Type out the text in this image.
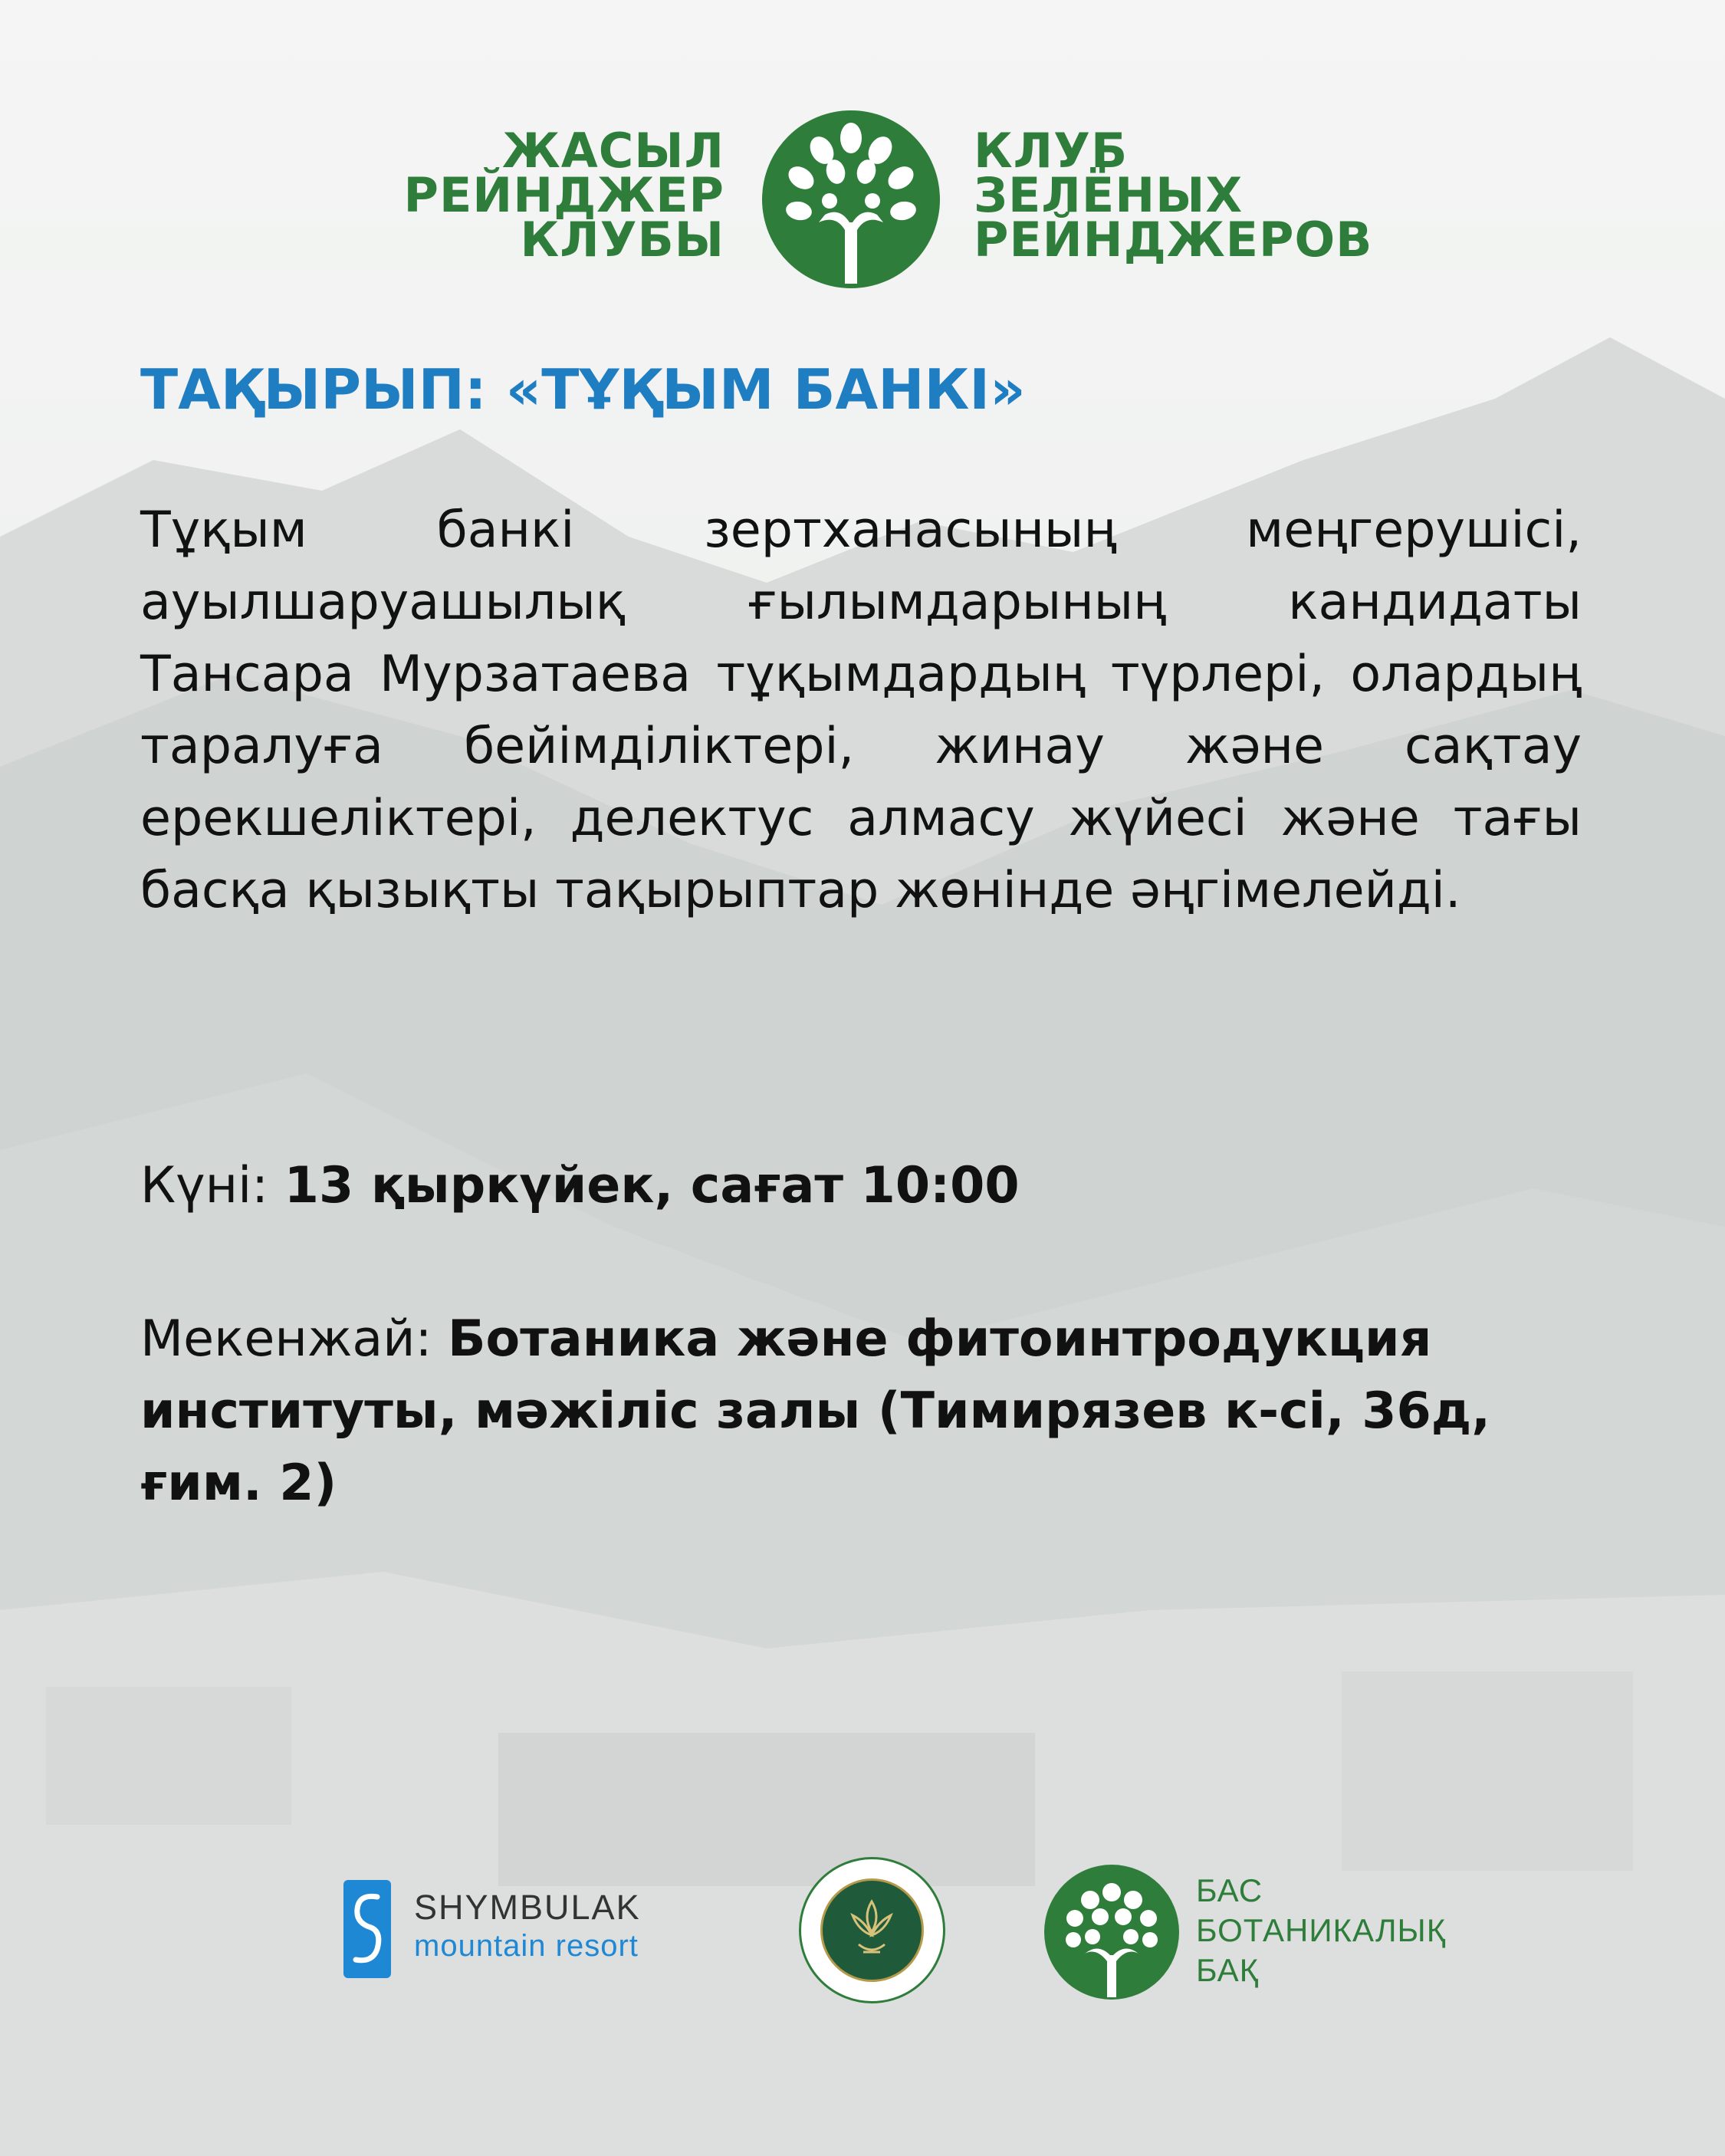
ЖАСЫЛ
РЕЙНДЖЕР
КЛУБЫ
КЛУБ
ЗЕЛЁНЫХ
РЕЙНДЖЕРОВ
ТАҚЫРЫП: «ТҰҚЫМ БАНКІ»

Тұқым банкі зертханасының меңгерушісі, ауылшаруашылық ғылымдарының кандидаты Тансара Мурзатаева тұқымдардың түрлері, олардың таралуға бейімділіктері, жинау және сақтау ерекшеліктері, делектус алмасу жүйесі және тағы басқа қызықты тақырыптар жөнінде әңгімелейді.

Күні: 13 қыркүйек, сағат 10:00

Мекенжай: Ботаника және фитоинтродукция институты, мәжіліс залы (Тимирязев к-сі, 36д, ғим. 2)

SHYMBULAK
mountain resort
БАС
БОТАНИКАЛЫҚ
БАҚ
